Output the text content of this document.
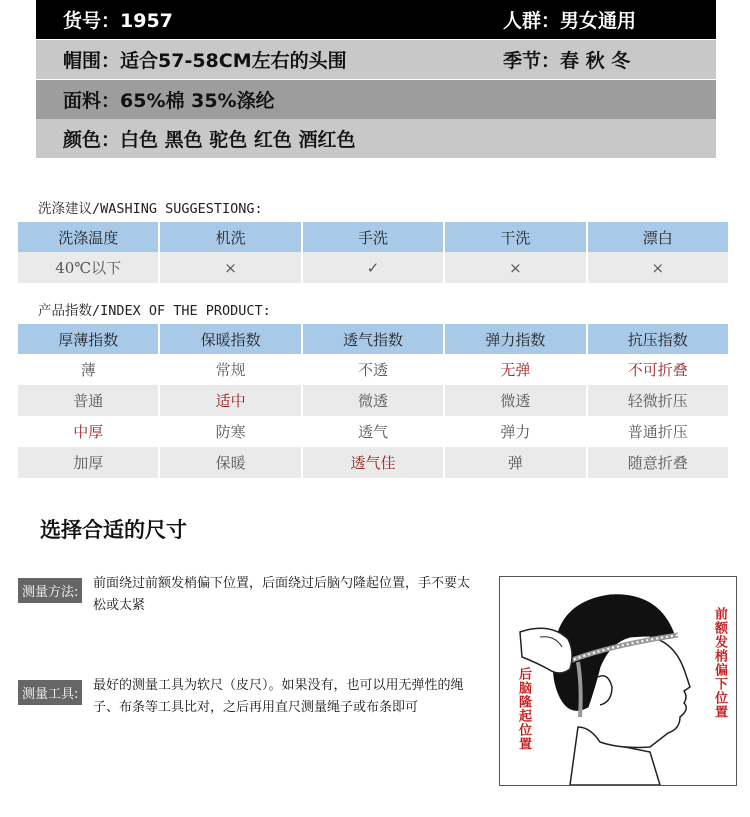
货号：1957	人群：男女通用
帽围：适合57-58CM左右的头围	季节：春 秋 冬
面料：65%棉 35%涤纶
颜色：白色 黑色 驼色 红色 酒红色
洗涤建议/WASHING SUGGESTIONG:
洗涤温度	机洗	手洗	干洗	漂白
40℃以下	×	✓	×	×
产品指数/INDEX OF THE PRODUCT:
厚薄指数	保暖指数	透气指数	弹力指数	抗压指数
薄	常规	不透	无弹	不可折叠
普通	适中	微透	微透	轻微折压
中厚	防寒	透气	弹力	普通折压
加厚	保暖	透气佳	弹	随意折叠
选择合适的尺寸
测量方法:
前面绕过前额发梢偏下位置，后面绕过后脑勺隆起位置，手不要太松或太紧
测量工具:
最好的测量工具为软尺（皮尺）。如果没有，也可以用无弹性的绳子、布条等工具比对，之后再用直尺测量绳子或布条即可	后脑隆起位置	前额发梢偏下位置
